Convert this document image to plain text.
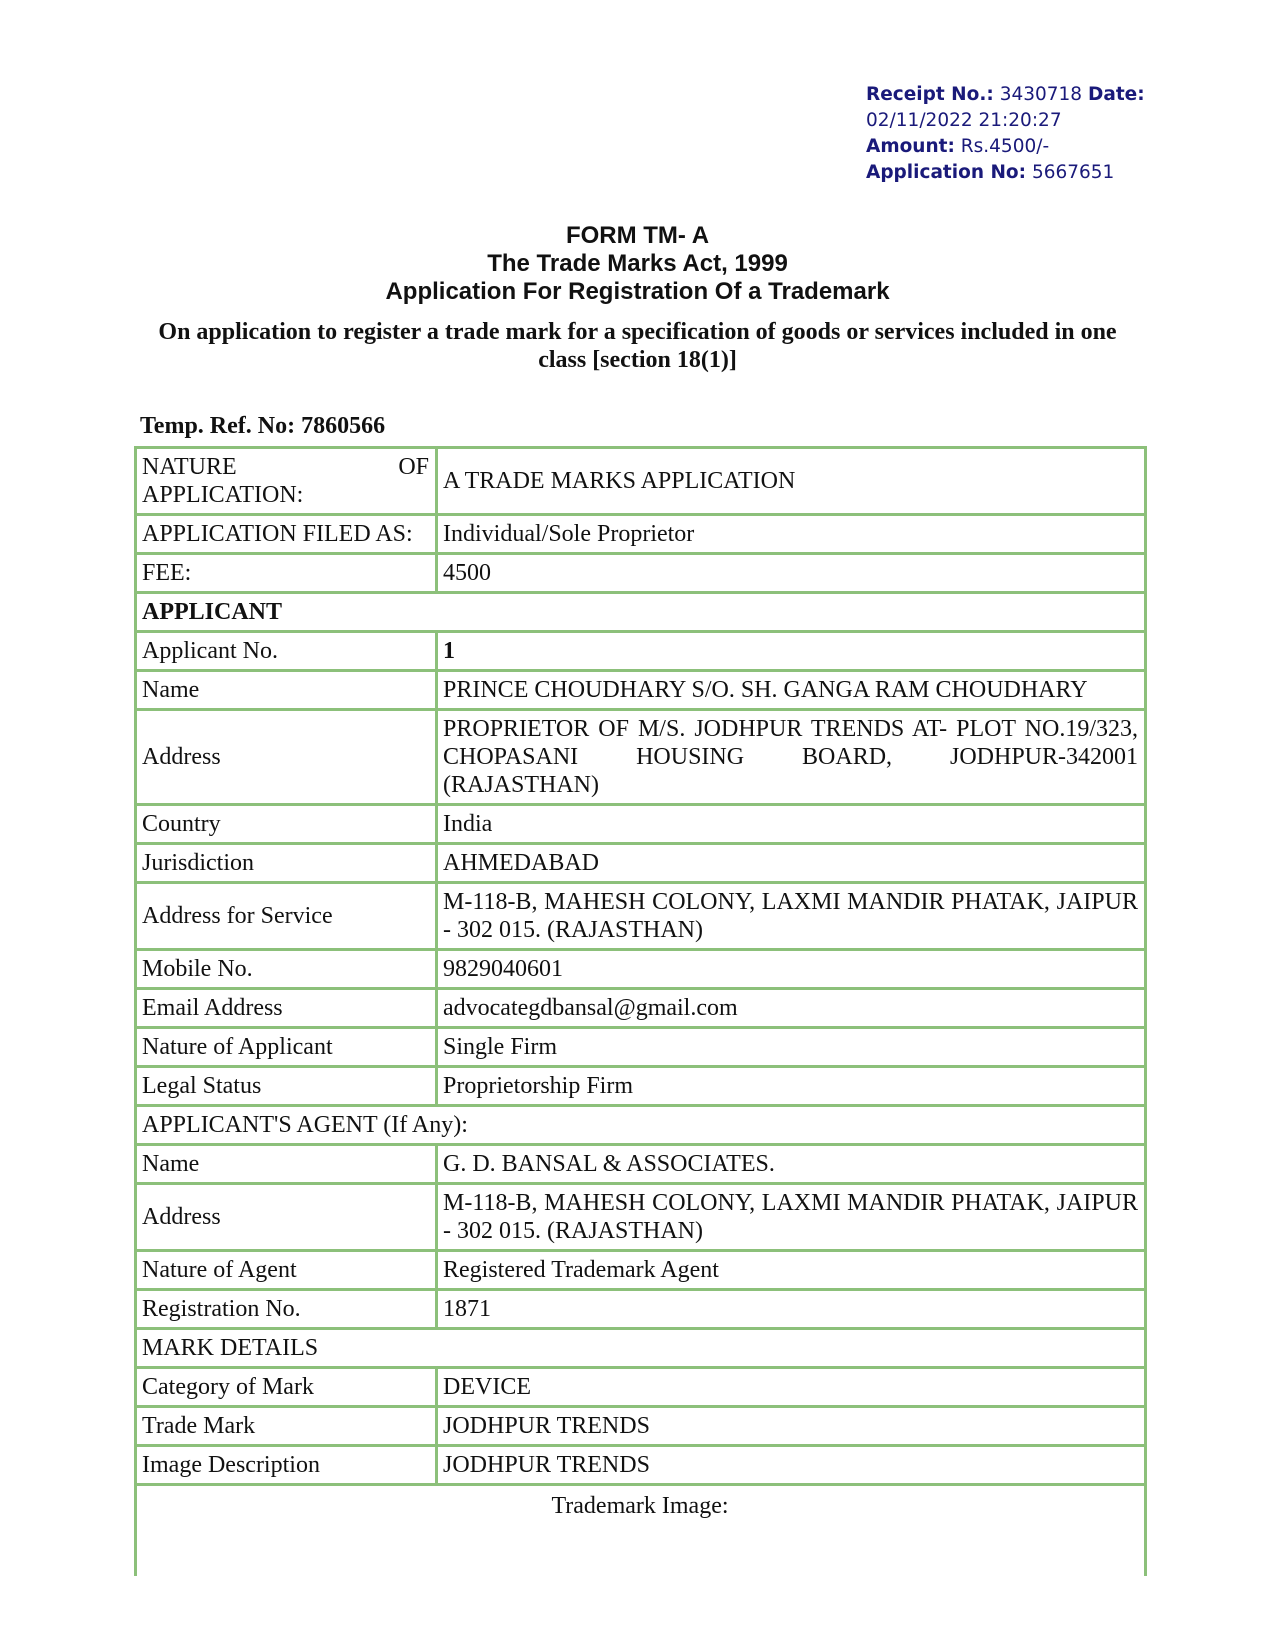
Receipt No.: 3430718 Date:
02/11/2022 21:20:27
Amount: Rs.4500/-
Application No: 5667651
FORM TM- A
The Trade Marks Act, 1999
Application For Registration Of a Trademark
On application to register a trade mark for a specification of goods or services included in one class [section 18(1)]
Temp. Ref. No: 7860566
NATURE OF
APPLICATION:	A TRADE MARKS APPLICATION
APPLICATION FILED AS:	Individual/Sole Proprietor
FEE:	4500
APPLICANT	
Applicant No.	1
Name	PRINCE CHOUDHARY S/O. SH. GANGA RAM CHOUDHARY
Address	PROPRIETOR OF M/S. JODHPUR TRENDS AT- PLOT NO.19/323, CHOPASANI HOUSING BOARD, JODHPUR-342001 (RAJASTHAN)
Country	India
Jurisdiction	AHMEDABAD
Address for Service	M-118-B, MAHESH COLONY, LAXMI MANDIR PHATAK, JAIPUR - 302 015. (RAJASTHAN)
Mobile No.	9829040601
Email Address	advocategdbansal@gmail.com
Nature of Applicant	Single Firm
Legal Status	Proprietorship Firm
APPLICANT'S AGENT (If Any):	
Name	G. D. BANSAL & ASSOCIATES.
Address	M-118-B, MAHESH COLONY, LAXMI MANDIR PHATAK, JAIPUR - 302 015. (RAJASTHAN)
Nature of Agent	Registered Trademark Agent
Registration No.	1871
MARK DETAILS	
Category of Mark	DEVICE
Trade Mark	JODHPUR TRENDS
Image Description	JODHPUR TRENDS
Trademark Image:	
